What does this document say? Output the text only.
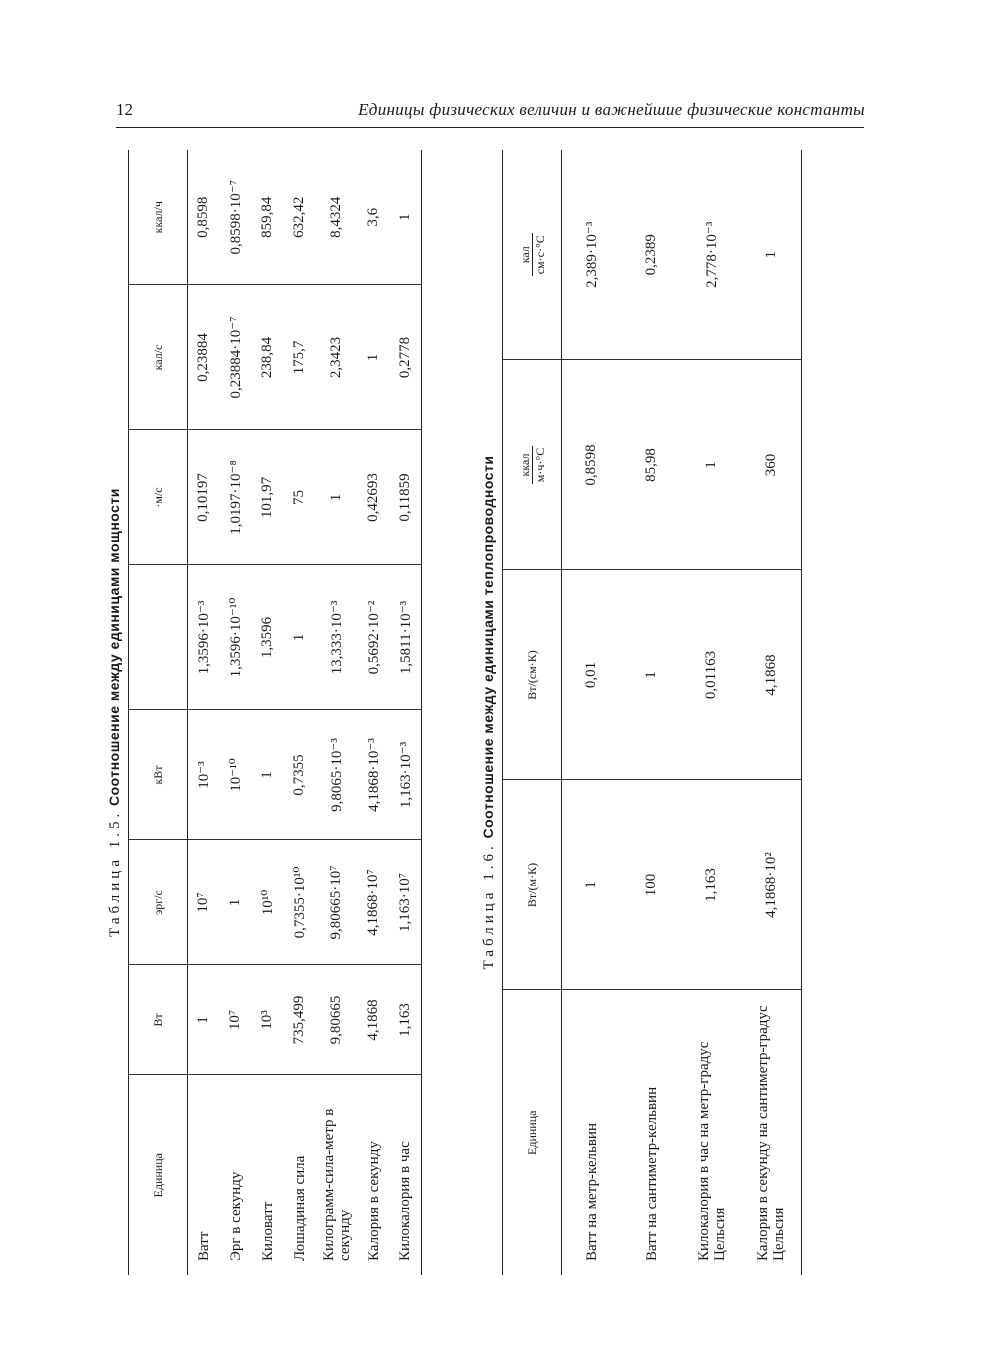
12	Единицы физических величин и важнейшие физические константы

Таблица 1.5. Соотношение между единицами мощности

Единица	Вт	эрг/с	кВт		·м/с	кал/с	ккал/ч
Ватт	1	10⁷	10⁻³	1,3596·10⁻³	0,10197	0,23884	0,8598
Эрг в секунду	10⁷	1	10⁻¹⁰	1,3596·10⁻¹⁰	1,0197·10⁻⁸	0,23884·10⁻⁷	0,8598·10⁻⁷
Киловатт	10³	10¹⁰	1	1,3596	101,97	238,84	859,84
Лошадиная сила	735,499	0,7355·10¹⁰	0,7355	1	75	175,7	632,42
Килограмм-сила-метр в секунду	9,80665	9,80665·10⁷	9,8065·10⁻³	13,333·10⁻³	1	2,3423	8,4324
Калория в секунду	4,1868	4,1868·10⁷	4,1868·10⁻³	0,5692·10⁻²	0,42693	1	3,6
Килокалория в час	1,163	1,163·10⁷	1,163·10⁻³	1,5811·10⁻³	0,11859	0,2778	1

Таблица 1.6. Соотношение между единицами теплопроводности

Единица	Вт/(м·К)	Вт/(см·К)	ккал м·ч·°С	кал см·с·°С

Ватт на метр-кельвин	1	0,01	0,8598	2,389·10⁻³
Ватт на сантиметр-кельвин	100	1	85,98	0,2389
Килокалория в час на метр-градус Цельсия	1,163	0,01163	1	2,778·10⁻³
Калория в секунду на сантиметр-градус Цельсия	4,1868·10²	4,1868	360	1
